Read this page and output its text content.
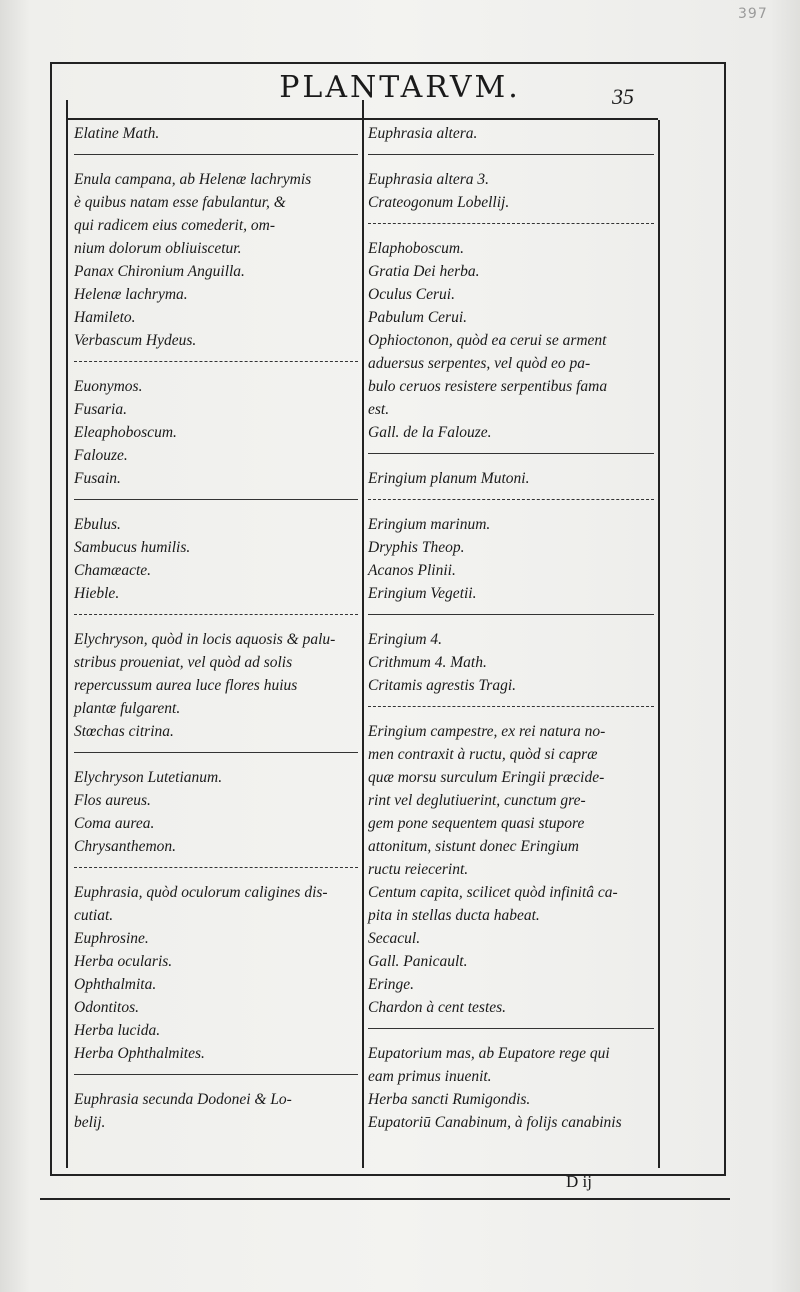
397
PLANTARVM.	35

Elatine Math.

Enula campana, ab Helenæ lachrymis

è quibus natam esse fabulantur, &

qui radicem eius comederit, om-

nium dolorum obliuiscetur.

Panax Chironium Anguilla.

Helenæ lachryma.

Hamileto.

Verbascum Hydeus.

Euonymos.

Fusaria.

Eleaphoboscum.

Falouze.

Fusain.

Ebulus.

Sambucus humilis.

Chamæacte.

Hieble.

Elychryson, quòd in locis aquosis & palu-

stribus proueniat, vel quòd ad solis

repercussum aurea luce flores huius

plantæ fulgarent.

Stœchas citrina.

Elychryson Lutetianum.

Flos aureus.

Coma aurea.

Chrysanthemon.

Euphrasia, quòd oculorum caligines dis-

cutiat.

Euphrosine.

Herba ocularis.

Ophthalmita.

Odontitos.

Herba lucida.

Herba Ophthalmites.

Euphrasia secunda Dodonei & Lo-

belij.

Euphrasia altera.

Euphrasia altera 3.

Crateogonum Lobellij.

Elaphoboscum.

Gratia Dei herba.

Oculus Cerui.

Pabulum Cerui.

Ophioctonon, quòd ea cerui se arment

aduersus serpentes, vel quòd eo pa-

bulo ceruos resistere serpentibus fama

est.

Gall. de la Falouze.

Eringium planum Mutoni.

Eringium marinum.

Dryphis Theop.

Acanos Plinii.

Eringium Vegetii.

Eringium 4.

Crithmum 4. Math.

Critamis agrestis Tragi.

Eringium campestre, ex rei natura no-

men contraxit à ructu, quòd si capræ

quæ morsu surculum Eringii præcide-

rint vel deglutiuerint, cunctum gre-

gem pone sequentem quasi stupore

attonitum, sistunt donec Eringium

ructu reiecerint.

Centum capita, scilicet quòd infinitâ ca-

pita in stellas ducta habeat.

Secacul.

Gall. Panicault.

Eringe.

Chardon à cent testes.

Eupatorium mas, ab Eupatore rege qui

eam primus inuenit.

Herba sancti Rumigondis.

Eupatoriū Canabinum, à folijs canabinis

D ij
